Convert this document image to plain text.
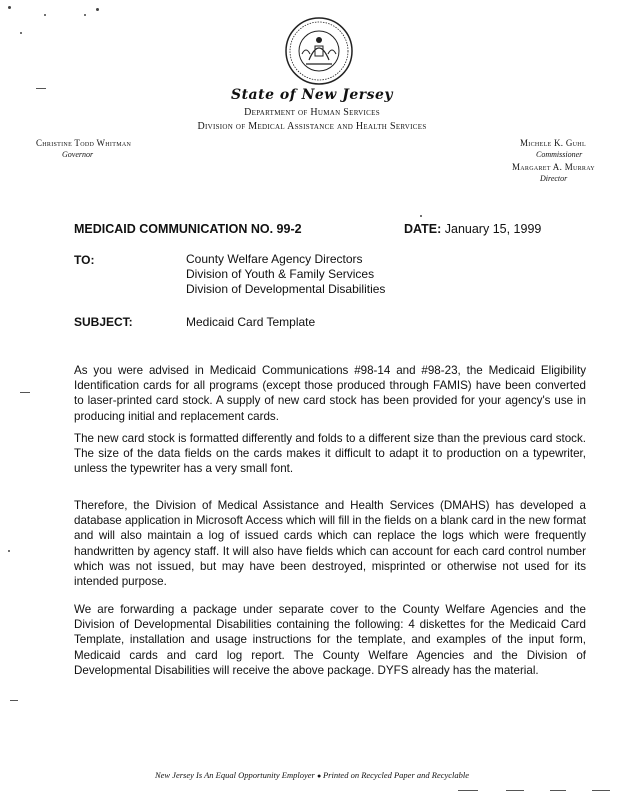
State of New Jersey
Department of Human Services
Division of Medical Assistance and Health Services
Christine Todd Whitman
Governor
Michele K. Guhl
Commissioner
Margaret A. Murray
Director
MEDICAID COMMUNICATION NO. 99-2	DATE: January 15, 1999
TO:	County Welfare Agency Directors
Division of Youth & Family Services
Division of Developmental Disabilities
SUBJECT:	Medicaid Card Template

As you were advised in Medicaid Communications #98-14 and #98-23, the Medicaid Eligibility Identification cards for all programs (except those produced through FAMIS) have been converted to laser-printed card stock. A supply of new card stock has been provided for your agency's use in producing initial and replacement cards.

The new card stock is formatted differently and folds to a different size than the previous card stock. The size of the data fields on the cards makes it difficult to adapt it to production on a typewriter, unless the typewriter has a very small font.

Therefore, the Division of Medical Assistance and Health Services (DMAHS) has developed a database application in Microsoft Access which will fill in the fields on a blank card in the new format and will also maintain a log of issued cards which can replace the logs which were frequently handwritten by agency staff. It will also have fields which can account for each card control number which was not issued, but may have been destroyed, misprinted or otherwise not used for its intended purpose.

We are forwarding a package under separate cover to the County Welfare Agencies and the Division of Developmental Disabilities containing the following: 4 diskettes for the Medicaid Card Template, installation and usage instructions for the template, and examples of the input form, Medicaid cards and card log report. The County Welfare Agencies and the Division of Developmental Disabilities will receive the above package. DYFS already has the material.

New Jersey Is An Equal Opportunity Employer ● Printed on Recycled Paper and Recyclable
